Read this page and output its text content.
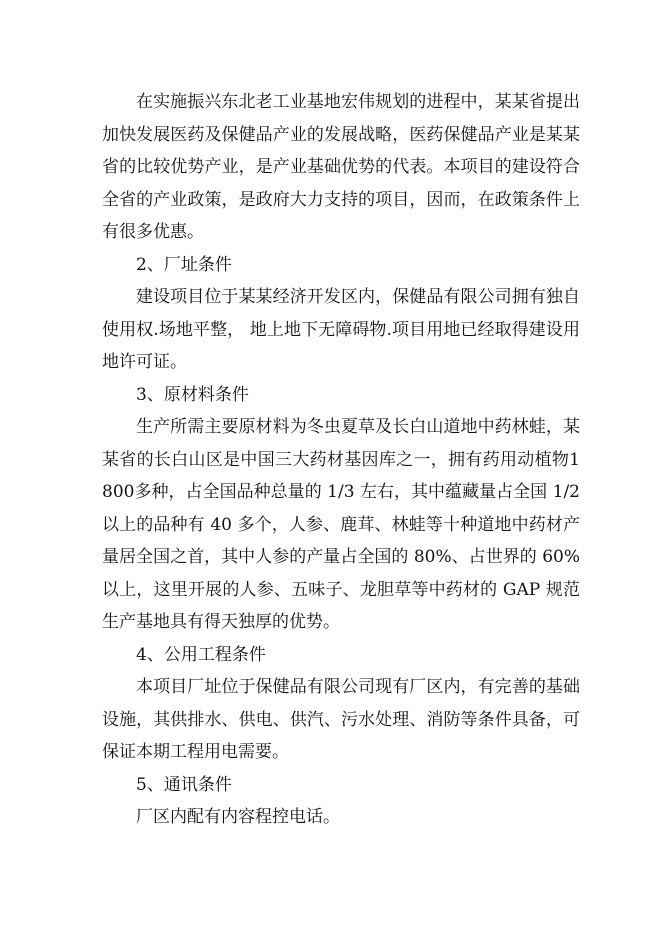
在实施振兴东北老工业基地宏伟规划的进程中，某某省提出加快发展医药及保健品产业的发展战略，医药保健品产业是某某省的比较优势产业，是产业基础优势的代表。本项目的建设符合全省的产业政策，是政府大力支持的项目，因而，在政策条件上有很多优惠。

2、厂址条件

建设项目位于某某经济开发区内，保健品有限公司拥有独自使用权.场地平整， 地上地下无障碍物.项目用地已经取得建设用地许可证。

3、原材料条件

生产所需主要原材料为冬虫夏草及长白山道地中药林蛙，某某省的长白山区是中国三大药材基因库之一，拥有药用动植物1800多种，占全国品种总量的 1/3 左右，其中蕴藏量占全国 1/2 以上的品种有 40 多个，人参、鹿茸、林蛙等十种道地中药材产量居全国之首，其中人参的产量占全国的 80%、占世界的 60%以上，这里开展的人参、五味子、龙胆草等中药材的 GAP 规范生产基地具有得天独厚的优势。

4、公用工程条件

本项目厂址位于保健品有限公司现有厂区内，有完善的基础设施，其供排水、供电、供汽、污水处理、消防等条件具备，可保证本期工程用电需要。

5、通讯条件

厂区内配有内容程控电话。
